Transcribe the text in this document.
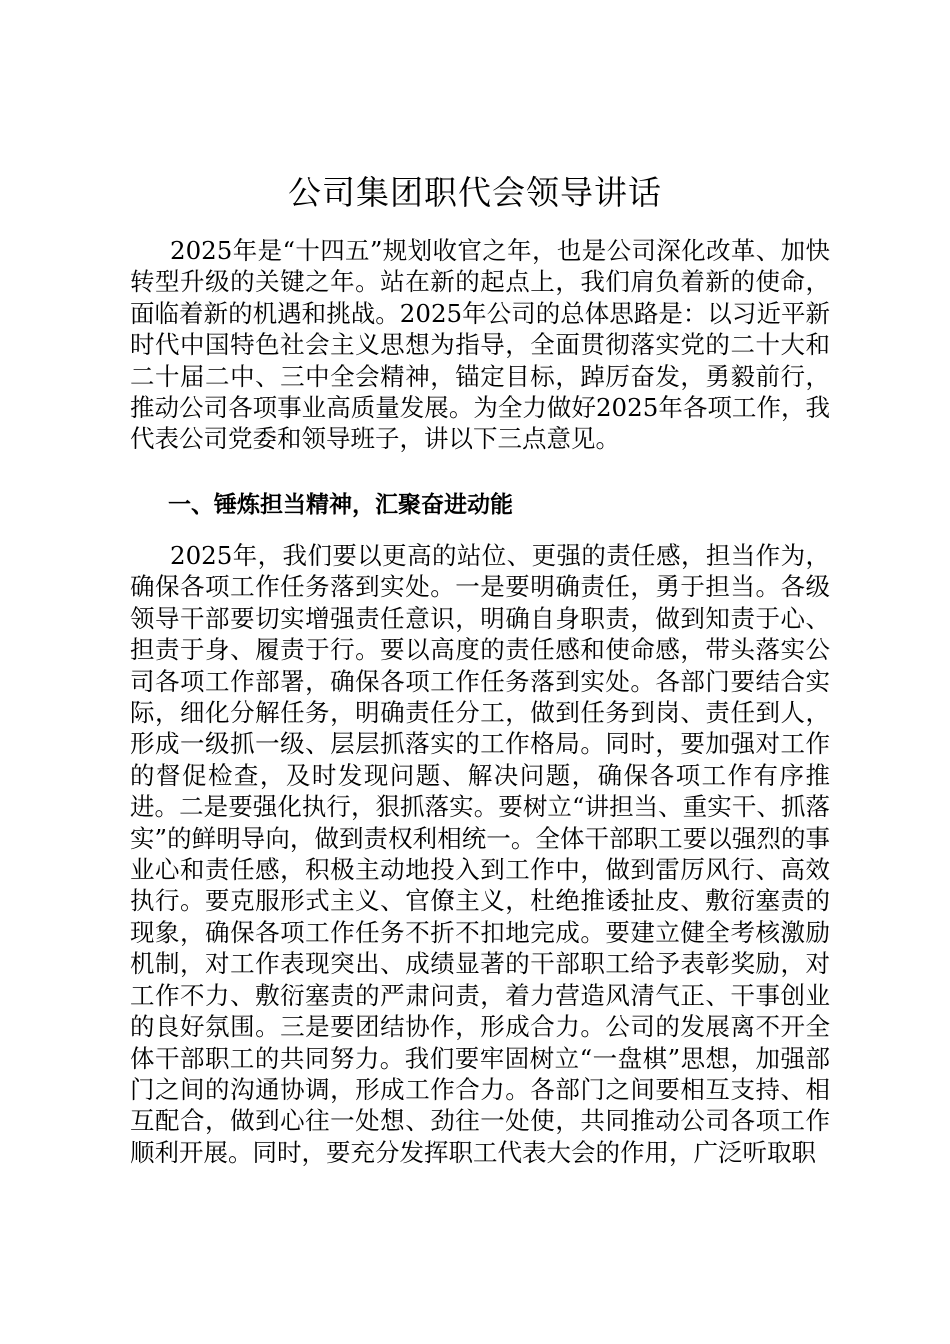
公司集团职代会领导讲话

2025年是“十四五”规划收官之年，也是公司深化改革、加快转型升级的关键之年。站在新的起点上，我们肩负着新的使命，面临着新的机遇和挑战。2025年公司的总体思路是：以习近平新时代中国特色社会主义思想为指导，全面贯彻落实党的二十大和二十届二中、三中全会精神，锚定目标，踔厉奋发，勇毅前行，推动公司各项事业高质量发展。为全力做好2025年各项工作，我代表公司党委和领导班子，讲以下三点意见。

一、锤炼担当精神，汇聚奋进动能

2025年，我们要以更高的站位、更强的责任感，担当作为，确保各项工作任务落到实处。一是要明确责任，勇于担当。各级领导干部要切实增强责任意识，明确自身职责，做到知责于心、担责于身、履责于行。要以高度的责任感和使命感，带头落实公司各项工作部署，确保各项工作任务落到实处。各部门要结合实际，细化分解任务，明确责任分工，做到任务到岗、责任到人，形成一级抓一级、层层抓落实的工作格局。同时，要加强对工作的督促检查，及时发现问题、解决问题，确保各项工作有序推进。二是要强化执行，狠抓落实。要树立“讲担当、重实干、抓落实”的鲜明导向，做到责权利相统一。全体干部职工要以强烈的事业心和责任感，积极主动地投入到工作中，做到雷厉风行、高效执行。要克服形式主义、官僚主义，杜绝推诿扯皮、敷衍塞责的现象，确保各项工作任务不折不扣地完成。要建立健全考核激励机制，对工作表现突出、成绩显著的干部职工给予表彰奖励，对工作不力、敷衍塞责的严肃问责，着力营造风清气正、干事创业的良好氛围。三是要团结协作，形成合力。公司的发展离不开全体干部职工的共同努力。我们要牢固树立“一盘棋”思想，加强部门之间的沟通协调，形成工作合力。各部门之间要相互支持、相互配合，做到心往一处想、劲往一处使，共同推动公司各项工作顺利开展。同时，要充分发挥职工代表大会的作用，广泛听取职
